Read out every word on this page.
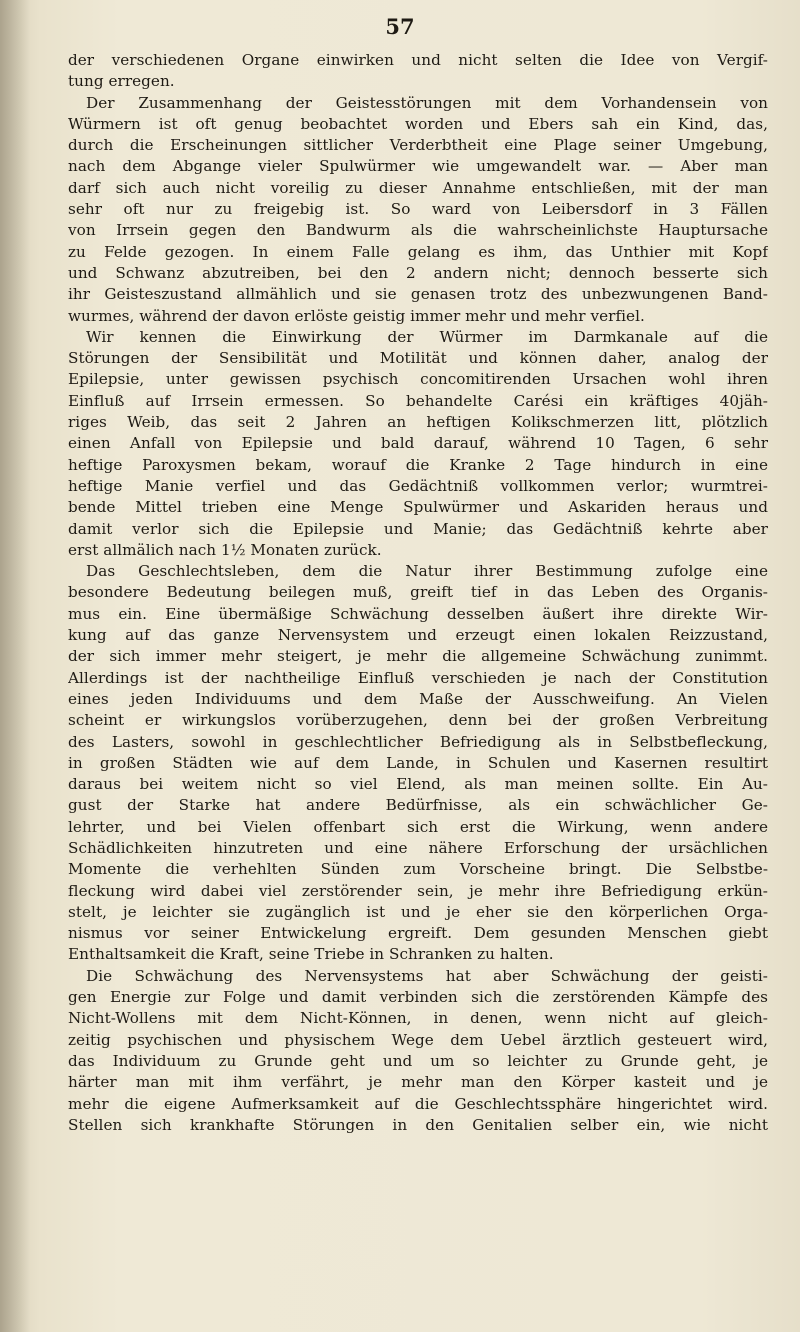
57
der verschiedenen Organe einwirken und nicht selten die Idee von Vergif-
tung erregen.
Der Zusammenhang der Geistesstörungen mit dem Vorhandensein von
Würmern ist oft genug beobachtet worden und Ebers sah ein Kind, das,
durch die Erscheinungen sittlicher Verderbtheit eine Plage seiner Umgebung,
nach dem Abgange vieler Spulwürmer wie umgewandelt war. — Aber man
darf sich auch nicht voreilig zu dieser Annahme entschließen, mit der man
sehr oft nur zu freigebig ist. So ward von Leibersdorf in 3 Fällen
von Irrsein gegen den Bandwurm als die wahrscheinlichste Hauptursache
zu Felde gezogen. In einem Falle gelang es ihm, das Unthier mit Kopf
und Schwanz abzutreiben, bei den 2 andern nicht; dennoch besserte sich
ihr Geisteszustand allmählich und sie genasen trotz des unbezwungenen Band-
wurmes, während der davon erlöste geistig immer mehr und mehr verfiel.
Wir kennen die Einwirkung der Würmer im Darmkanale auf die
Störungen der Sensibilität und Motilität und können daher, analog der
Epilepsie, unter gewissen psychisch concomitirenden Ursachen wohl ihren
Einfluß auf Irrsein ermessen. So behandelte Carési ein kräftiges 40jäh-
riges Weib, das seit 2 Jahren an heftigen Kolikschmerzen litt, plötzlich
einen Anfall von Epilepsie und bald darauf, während 10 Tagen, 6 sehr
heftige Paroxysmen bekam, worauf die Kranke 2 Tage hindurch in eine
heftige Manie verfiel und das Gedächtniß vollkommen verlor; wurmtrei-
bende Mittel trieben eine Menge Spulwürmer und Askariden heraus und
damit verlor sich die Epilepsie und Manie; das Gedächtniß kehrte aber
erst allmälich nach 1½ Monaten zurück.
Das Geschlechtsleben, dem die Natur ihrer Bestimmung zufolge eine
besondere Bedeutung beilegen muß, greift tief in das Leben des Organis-
mus ein. Eine übermäßige Schwächung desselben äußert ihre direkte Wir-
kung auf das ganze Nervensystem und erzeugt einen lokalen Reizzustand,
der sich immer mehr steigert, je mehr die allgemeine Schwächung zunimmt.
Allerdings ist der nachtheilige Einfluß verschieden je nach der Constitution
eines jeden Individuums und dem Maße der Ausschweifung. An Vielen
scheint er wirkungslos vorüberzugehen, denn bei der großen Verbreitung
des Lasters, sowohl in geschlechtlicher Befriedigung als in Selbstbefleckung,
in großen Städten wie auf dem Lande, in Schulen und Kasernen resultirt
daraus bei weitem nicht so viel Elend, als man meinen sollte. Ein Au-
gust der Starke hat andere Bedürfnisse, als ein schwächlicher Ge-
lehrter, und bei Vielen offenbart sich erst die Wirkung, wenn andere
Schädlichkeiten hinzutreten und eine nähere Erforschung der ursächlichen
Momente die verhehlten Sünden zum Vorscheine bringt. Die Selbstbe-
fleckung wird dabei viel zerstörender sein, je mehr ihre Befriedigung erkün-
stelt, je leichter sie zugänglich ist und je eher sie den körperlichen Orga-
nismus vor seiner Entwickelung ergreift. Dem gesunden Menschen giebt
Enthaltsamkeit die Kraft, seine Triebe in Schranken zu halten.
Die Schwächung des Nervensystems hat aber Schwächung der geisti-
gen Energie zur Folge und damit verbinden sich die zerstörenden Kämpfe des
Nicht-Wollens mit dem Nicht-Können, in denen, wenn nicht auf gleich-
zeitig psychischen und physischem Wege dem Uebel ärztlich gesteuert wird,
das Individuum zu Grunde geht und um so leichter zu Grunde geht, je
härter man mit ihm verfährt, je mehr man den Körper kasteit und je
mehr die eigene Aufmerksamkeit auf die Geschlechtssphäre hingerichtet wird.
Stellen sich krankhafte Störungen in den Genitalien selber ein, wie nicht
